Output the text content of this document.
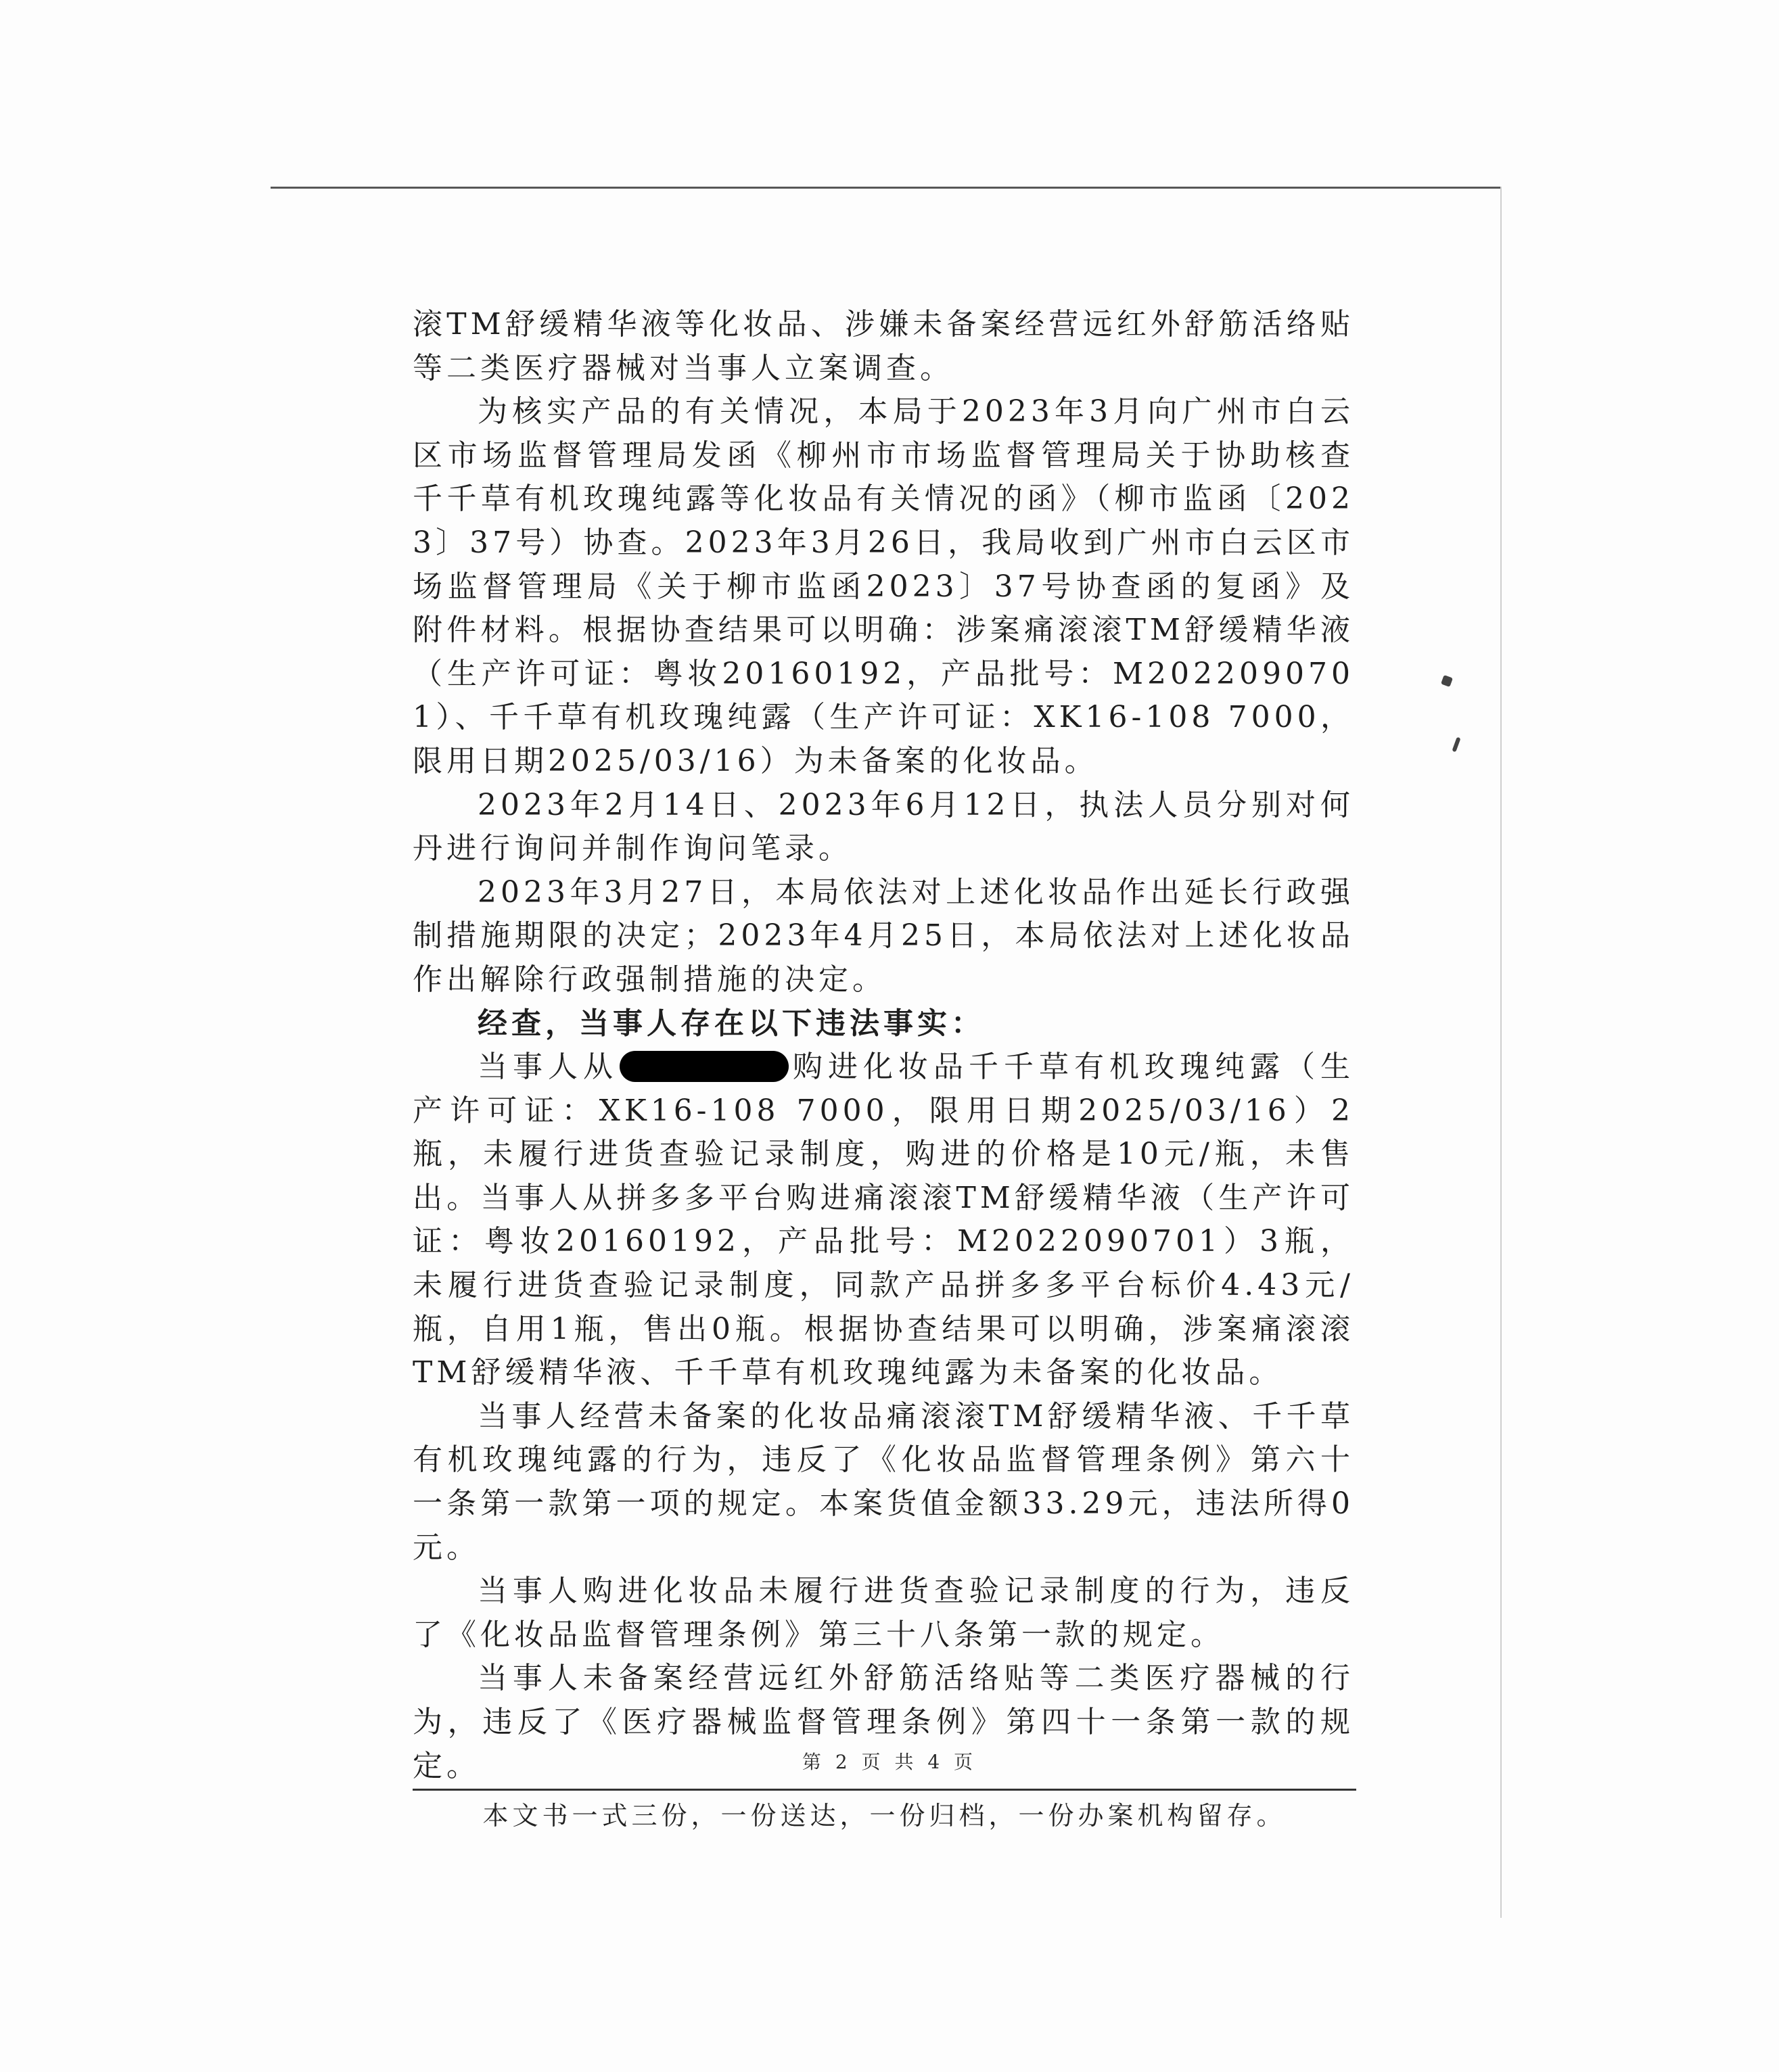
滚TM舒缓精华液等化妆品、涉嫌未备案经营远红外舒筋活络贴等二类医疗器械对当事人立案调查。

为核实产品的有关情况，本局于2023年3月向广州市白云区市场监督管理局发函《柳州市市场监督管理局关于协助核查千千草有机玫瑰纯露等化妆品有关情况的函》（柳市监函〔2023〕37号）协查。2023年3月26日，我局收到广州市白云区市场监督管理局《关于柳市监函2023〕37号协查函的复函》及附件材料。根据协查结果可以明确：涉案痛滚滚TM舒缓精华液（生产许可证：粤妆20160192，产品批号：M2022090701）、千千草有机玫瑰纯露（生产许可证：XK16-108 7000，限用日期2025/03/16）为未备案的化妆品。

2023年2月14日、2023年6月12日，执法人员分别对何丹进行询问并制作询问笔录。

2023年3月27日，本局依法对上述化妆品作出延长行政强制措施期限的决定；2023年4月25日，本局依法对上述化妆品作出解除行政强制措施的决定。

经查，当事人存在以下违法事实：

当事人从	购进化妆品千千草有机玫瑰纯露（生产许可证：XK16-108 7000，限用日期2025/03/16）2瓶，未履行进货查验记录制度，购进的价格是10元/瓶，未售出。当事人从拼多多平台购进痛滚滚TM舒缓精华液（生产许可证：粤妆20160192，产品批号：M2022090701）3瓶，未履行进货查验记录制度，同款产品拼多多平台标价4.43元/瓶，自用1瓶，售出0瓶。根据协查结果可以明确，涉案痛滚滚TM舒缓精华液、千千草有机玫瑰纯露为未备案的化妆品。

当事人经营未备案的化妆品痛滚滚TM舒缓精华液、千千草有机玫瑰纯露的行为，违反了《化妆品监督管理条例》第六十一条第一款第一项的规定。本案货值金额33.29元，违法所得0元。

当事人购进化妆品未履行进货查验记录制度的行为，违反了《化妆品监督管理条例》第三十八条第一款的规定。

当事人未备案经营远红外舒筋活络贴等二类医疗器械的行为，违反了《医疗器械监督管理条例》第四十一条第一款的规定。	第 2 页 共 4 页
本文书一式三份，一份送达，一份归档，一份办案机构留存。
